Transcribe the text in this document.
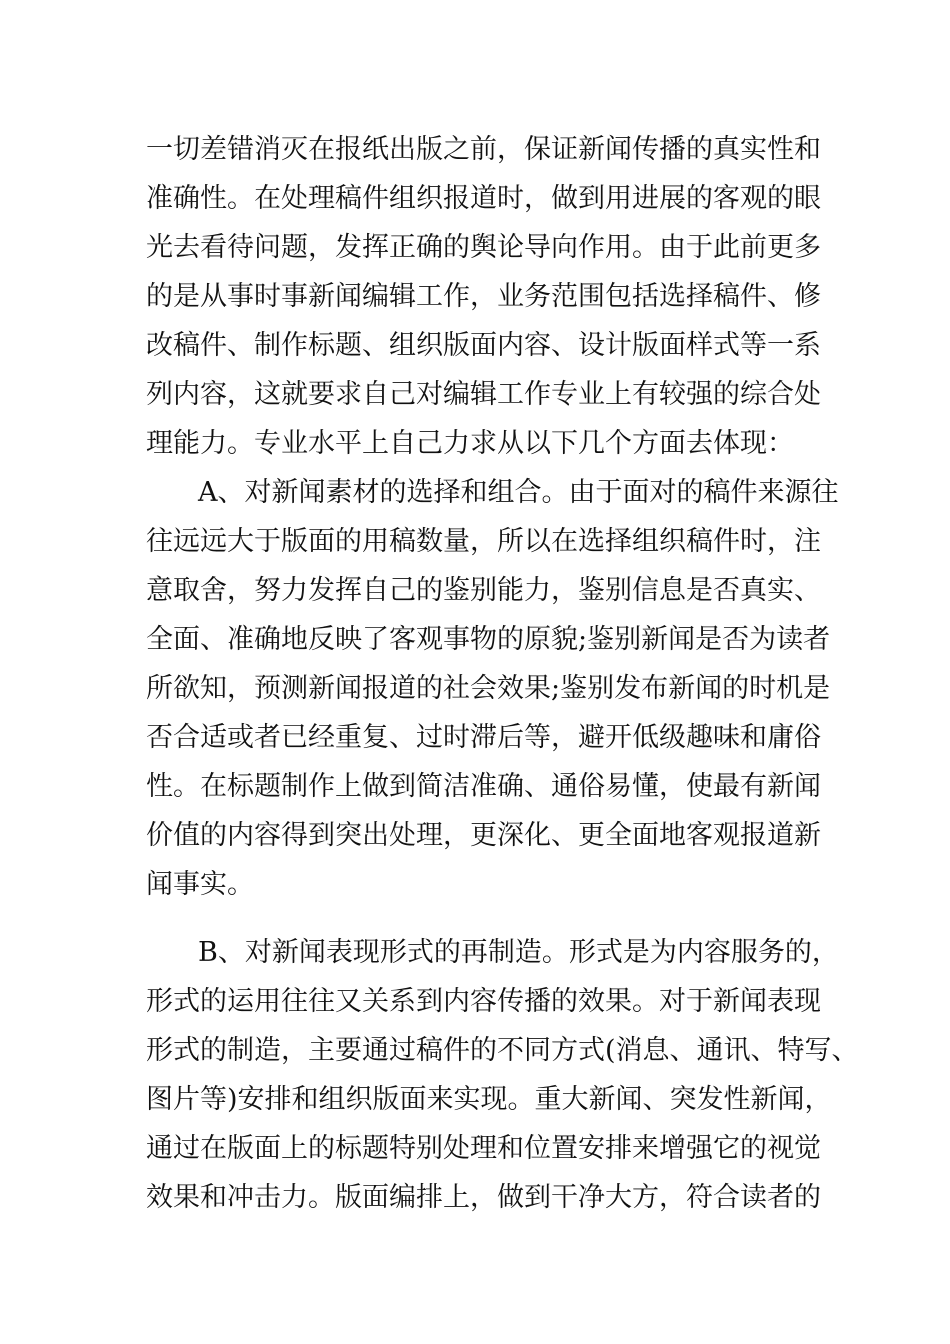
一切差错消灭在报纸出版之前，保证新闻传播的真实性和
准确性。在处理稿件组织报道时，做到用进展的客观的眼
光去看待问题，发挥正确的舆论导向作用。由于此前更多
的是从事时事新闻编辑工作，业务范围包括选择稿件、修
改稿件、制作标题、组织版面内容、设计版面样式等一系
列内容，这就要求自己对编辑工作专业上有较强的综合处
理能力。专业水平上自己力求从以下几个方面去体现：
A、对新闻素材的选择和组合。由于面对的稿件来源往
往远远大于版面的用稿数量，所以在选择组织稿件时，注
意取舍，努力发挥自己的鉴别能力，鉴别信息是否真实、
全面、准确地反映了客观事物的原貌;鉴别新闻是否为读者
所欲知，预测新闻报道的社会效果;鉴别发布新闻的时机是
否合适或者已经重复、过时滞后等，避开低级趣味和庸俗
性。在标题制作上做到简洁准确、通俗易懂，使最有新闻
价值的内容得到突出处理，更深化、更全面地客观报道新
闻事实。
B、对新闻表现形式的再制造。形式是为内容服务的，
形式的运用往往又关系到内容传播的效果。对于新闻表现
形式的制造，主要通过稿件的不同方式(消息、通讯、特写、
图片等)安排和组织版面来实现。重大新闻、突发性新闻，
通过在版面上的标题特别处理和位置安排来增强它的视觉
效果和冲击力。版面编排上，做到干净大方，符合读者的
